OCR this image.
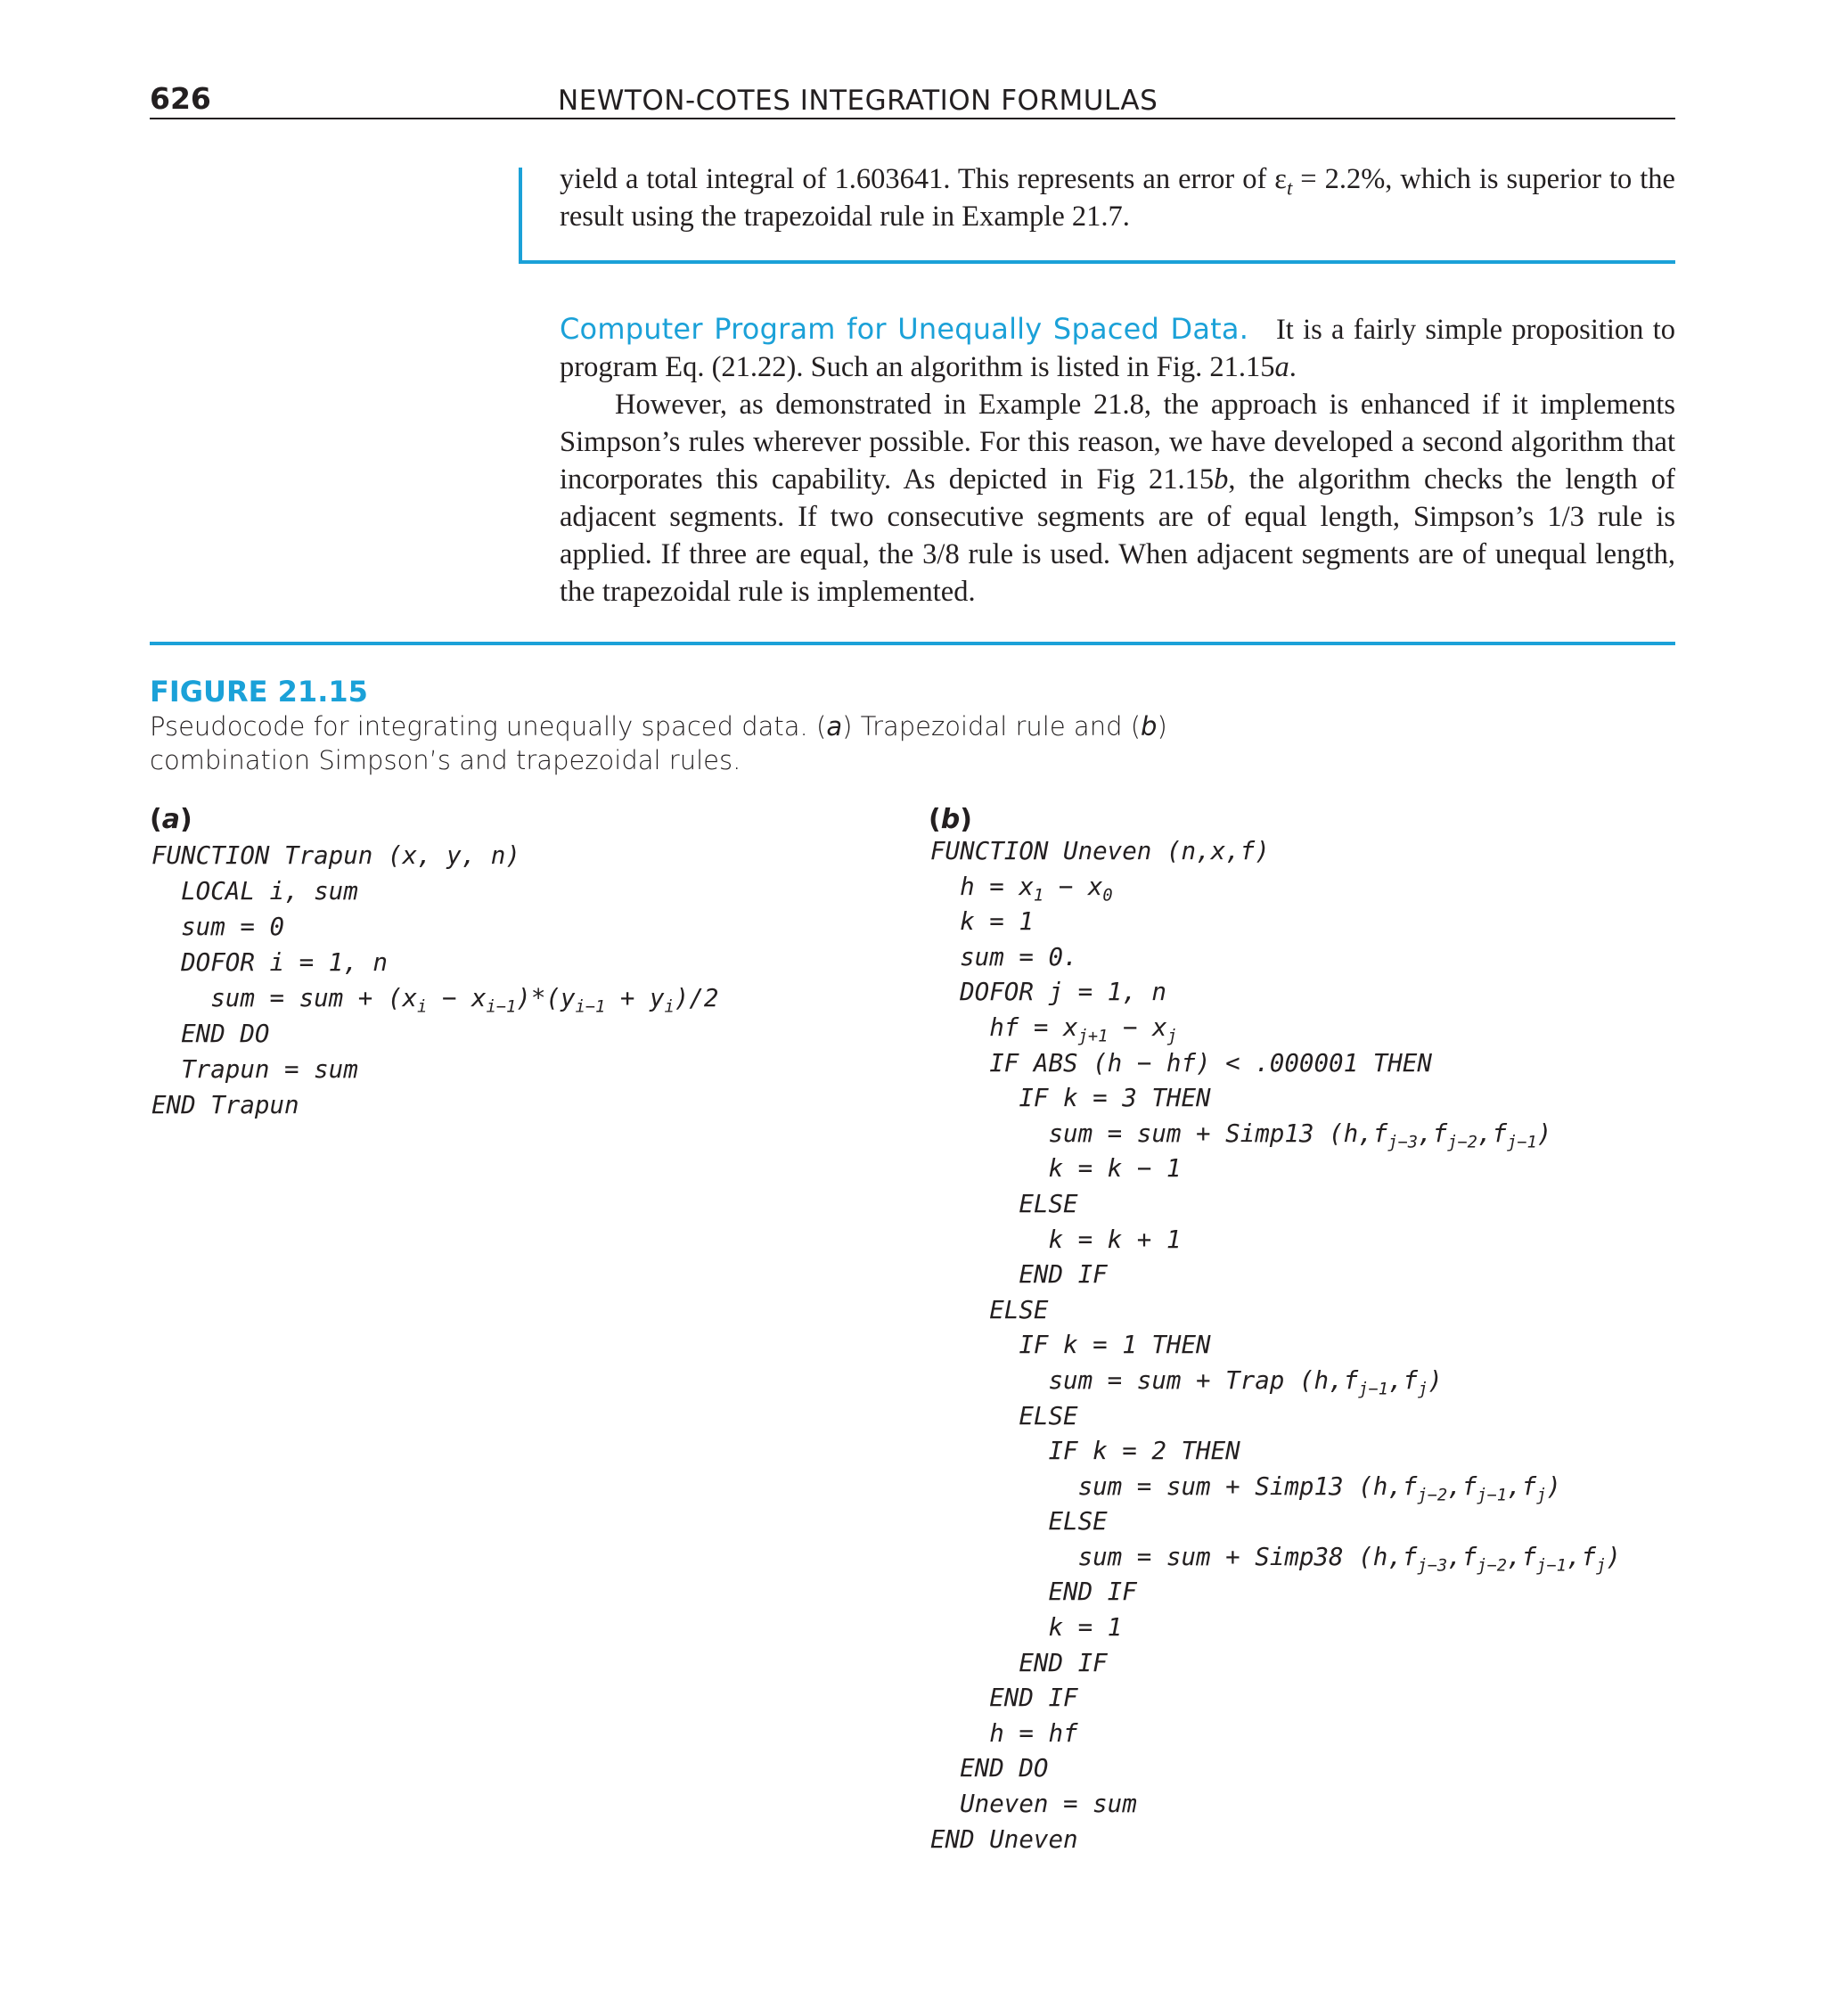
626	NEWTON-COTES INTEGRATION FORMULAS
yield a total integral of 1.603641. This represents an error of $\varepsilon_t = 2.2\%$, which is superior to the result using the trapezoidal rule in Example 21.7.

Computer Program for Unequally Spaced Data. It is a fairly simple proposition to program Eq. (21.22). Such an algorithm is listed in Fig. 21.15a.

However, as demonstrated in Example 21.8, the approach is enhanced if it implements Simpson’s rules wherever possible. For this reason, we have developed a second algorithm that incorporates this capability. As depicted in Fig 21.15b, the algorithm checks the length of adjacent segments. If two consecutive segments are of equal length, Simpson’s 1/3 rule is applied. If three are equal, the 3/8 rule is used. When adjacent segments are of unequal length, the trapezoidal rule is implemented.

FIGURE 21.15
Pseudocode for integrating unequally spaced data. (a) Trapezoidal rule and (b) combination Simpson’s and trapezoidal rules.
(a)	(b)
FUNCTION Trapun (x, y, n)
LOCAL i, sum
sum = 0
DOFOR i = 1, n
sum = sum + $(x_i - x_{i-1})*(y_{i-1} + y_i)/2$
END DO
Trapun = sum
END Trapun
FUNCTION Uneven (n,x,f)
$h = x_1 - x_0$
k = 1
sum = 0.
DOFOR j = 1, n
hf = $x_{j+1} - x_j$
IF ABS (h − hf) < .000001 THEN
IF k = 3 THEN
sum = sum + Simp13 $(h,f_{j-3},f_{j-2},f_{j-1})$
k = k − 1
ELSE
k = k + 1
END IF
ELSE
IF k = 1 THEN
sum = sum + Trap $(h,f_{j-1},f_j)$
ELSE
IF k = 2 THEN
sum = sum + Simp13 $(h,f_{j-2},f_{j-1},f_j)$
ELSE
sum = sum + Simp38 $(h,f_{j-3},f_{j-2},f_{j-1},f_j)$
END IF
k = 1
END IF
END IF
h = hf
END DO
Uneven = sum
END Uneven
